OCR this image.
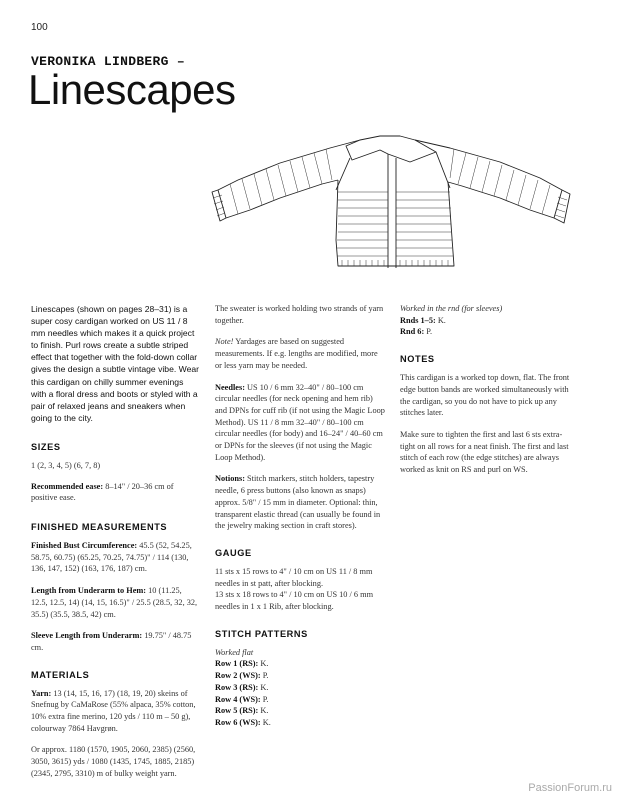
100
VERONIKA LINDBERG –
Linescapes
Linescapes (shown on pages 28–31) is a super cosy cardigan worked on US 11 / 8 mm needles which makes it a quick project to finish. Purl rows create a subtle striped effect that together with the fold-down collar gives the design a subtle vintage vibe. Wear this cardigan on chilly summer evenings with a floral dress and boots or styled with a pair of relaxed jeans and sneakers when going to the city.
SIZES
1 (2, 3, 4, 5) (6, 7, 8)
Recommended ease: 8–14" / 20–36 cm of positive ease.
FINISHED MEASUREMENTS
Finished Bust Circumference: 45.5 (52, 54.25, 58.75, 60.75) (65.25, 70.25, 74.75)" / 114 (130, 136, 147, 152) (163, 176, 187) cm.
Length from Underarm to Hem: 10 (11.25, 12.5, 12.5, 14) (14, 15, 16.5)" / 25.5 (28.5, 32, 32, 35.5) (35.5, 38.5, 42) cm.
Sleeve Length from Underarm: 19.75" / 48.75 cm.
MATERIALS
Yarn: 13 (14, 15, 16, 17) (18, 19, 20) skeins of Snefnug by CaMaRose (55% alpaca, 35% cotton, 10% extra fine merino, 120 yds / 110 m – 50 g), colourway 7864 Havgrøn.
Or approx. 1180 (1570, 1905, 2060, 2385) (2560, 3050, 3615) yds / 1080 (1435, 1745, 1885, 2185) (2345, 2795, 3310) m of bulky weight yarn.
The sweater is worked holding two strands of yarn together.
Note! Yardages are based on suggested measurements. If e.g. lengths are modified, more or less yarn may be needed.
Needles: US 10 / 6 mm 32–40" / 80–100 cm circular needles (for neck opening and hem rib) and DPNs for cuff rib (if not using the Magic Loop Method). US 11 / 8 mm 32–40" / 80–100 cm circular needles (for body) and 16–24" / 40–60 cm or DPNs for the sleeves (if not using the Magic Loop Method).
Notions: Stitch markers, stitch holders, tapestry needle, 6 press buttons (also known as snaps) approx. 5/8" / 15 mm in diameter. Optional: thin, transparent elastic thread (can usually be found in the jewelry making section in craft stores).
GAUGE
11 sts x 15 rows to 4" / 10 cm on US 11 / 8 mm needles in st patt, after blocking.
13 sts x 18 rows to 4" / 10 cm on US 10 / 6 mm needles in 1 x 1 Rib, after blocking.
STITCH PATTERNS
Worked flat
Row 1 (RS): K.
Row 2 (WS): P.
Row 3 (RS): K.
Row 4 (WS): P.
Row 5 (RS): K.
Row 6 (WS): K.
Worked in the rnd (for sleeves)
Rnds 1–5: K.
Rnd 6: P.
NOTES
This cardigan is a worked top down, flat. The front edge button bands are worked simultaneously with the cardigan, so you do not have to pick up any stitches later.
Make sure to tighten the first and last 6 sts extra-tight on all rows for a neat finish. The first and last stitch of each row (the edge stitches) are always worked as knit on RS and purl on WS.
PassionForum.ru
